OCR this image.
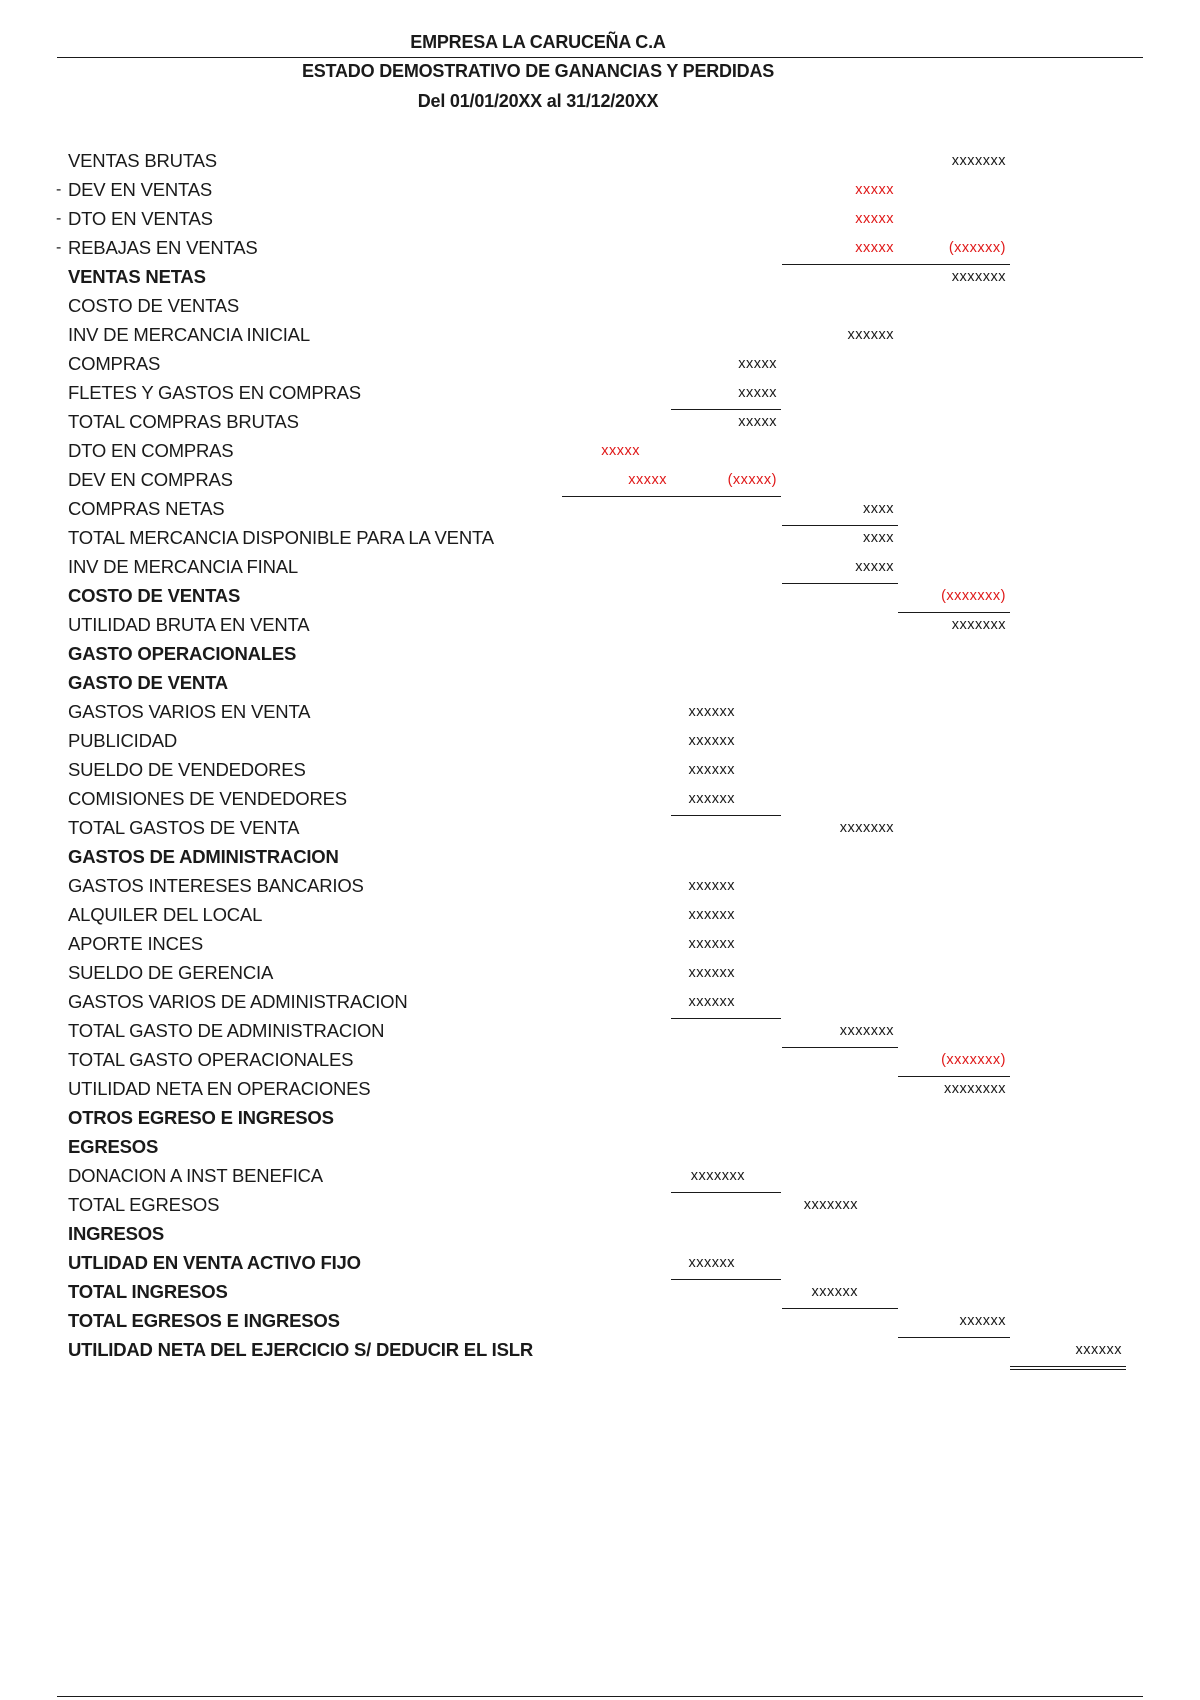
EMPRESA LA CARUCEÑA C.A
ESTADO DEMOSTRATIVO DE GANANCIAS Y PERDIDAS
Del 01/01/20XX al 31/12/20XX
VENTAS BRUTAS	xxxxxxx
- DEV EN VENTAS	xxxxx
- DTO EN VENTAS	xxxxx
- REBAJAS EN VENTAS	xxxxx	(xxxxxx)
VENTAS NETAS	xxxxxxx
COSTO DE VENTAS
INV DE MERCANCIA INICIAL	xxxxxx
COMPRAS	xxxxx
FLETES Y GASTOS EN COMPRAS	xxxxx
TOTAL COMPRAS BRUTAS	xxxxx
DTO EN COMPRAS	xxxxx
DEV EN COMPRAS	xxxxx	(xxxxx)
COMPRAS NETAS	xxxx
TOTAL MERCANCIA DISPONIBLE PARA LA VENTA	xxxx
INV DE MERCANCIA FINAL	xxxxx
COSTO DE VENTAS	(xxxxxxx)
UTILIDAD BRUTA EN VENTA	xxxxxxx
GASTO OPERACIONALES
GASTO DE VENTA
GASTOS VARIOS EN VENTA	xxxxxx
PUBLICIDAD	xxxxxx
SUELDO DE VENDEDORES	xxxxxx
COMISIONES DE VENDEDORES	xxxxxx
TOTAL GASTOS DE VENTA	xxxxxxx
GASTOS DE ADMINISTRACION
GASTOS INTERESES BANCARIOS	xxxxxx
ALQUILER DEL LOCAL	xxxxxx
APORTE INCES	xxxxxx
SUELDO DE GERENCIA	xxxxxx
GASTOS VARIOS DE ADMINISTRACION	xxxxxx
TOTAL GASTO DE ADMINISTRACION	xxxxxxx
TOTAL GASTO OPERACIONALES	(xxxxxxx)
UTILIDAD NETA EN OPERACIONES	xxxxxxxx
OTROS EGRESO E INGRESOS
EGRESOS
DONACION A INST BENEFICA	xxxxxxx
TOTAL EGRESOS	xxxxxxx
INGRESOS
UTLIDAD EN VENTA ACTIVO FIJO	xxxxxx
TOTAL INGRESOS	xxxxxx
TOTAL EGRESOS E INGRESOS	xxxxxx
UTILIDAD NETA DEL EJERCICIO S/ DEDUCIR EL ISLR	xxxxxx
